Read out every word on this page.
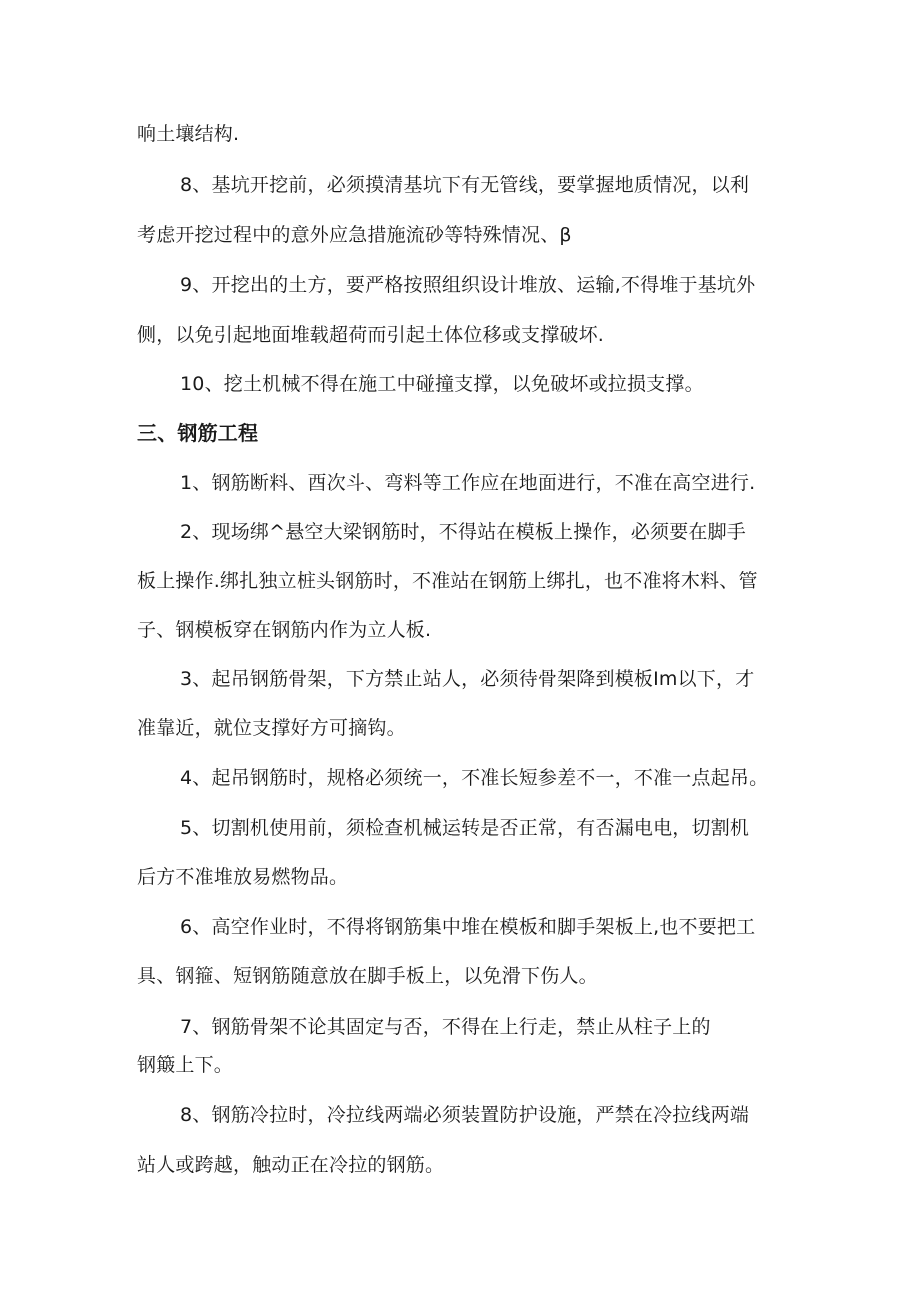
响土壤结构.
8、基坑开挖前，必须摸清基坑下有无管线，要掌握地质情况，以利
考虑开挖过程中的意外应急措施流砂等特殊情况、β
9、开挖出的土方，要严格按照组织设计堆放、运输,不得堆于基坑外
侧，以免引起地面堆载超荷而引起土体位移或支撑破坏.
10、挖土机械不得在施工中碰撞支撑，以免破坏或拉损支撑。
三、钢筋工程
1、钢筋断料、酉次斗、弯料等工作应在地面进行，不准在高空进行.
2、现场绑^悬空大梁钢筋时，不得站在模板上操作，必须要在脚手
板上操作.绑扎独立桩头钢筋时，不准站在钢筋上绑扎，也不准将木料、管
子、钢模板穿在钢筋内作为立人板.
3、起吊钢筋骨架，下方禁止站人，必须待骨架降到模板Im以下，才
准靠近，就位支撑好方可摘钩。
4、起吊钢筋时，规格必须统一，不准长短参差不一，不准一点起吊。
5、切割机使用前，须检查机械运转是否正常，有否漏电电，切割机
后方不准堆放易燃物品。
6、高空作业时，不得将钢筋集中堆在模板和脚手架板上,也不要把工
具、钢箍、短钢筋随意放在脚手板上，以免滑下伤人。
7、钢筋骨架不论其固定与否，不得在上行走，禁止从柱子上的
钢簸上下。
8、钢筋冷拉时，冷拉线两端必须装置防护设施，严禁在冷拉线两端
站人或跨越，触动正在冷拉的钢筋。
